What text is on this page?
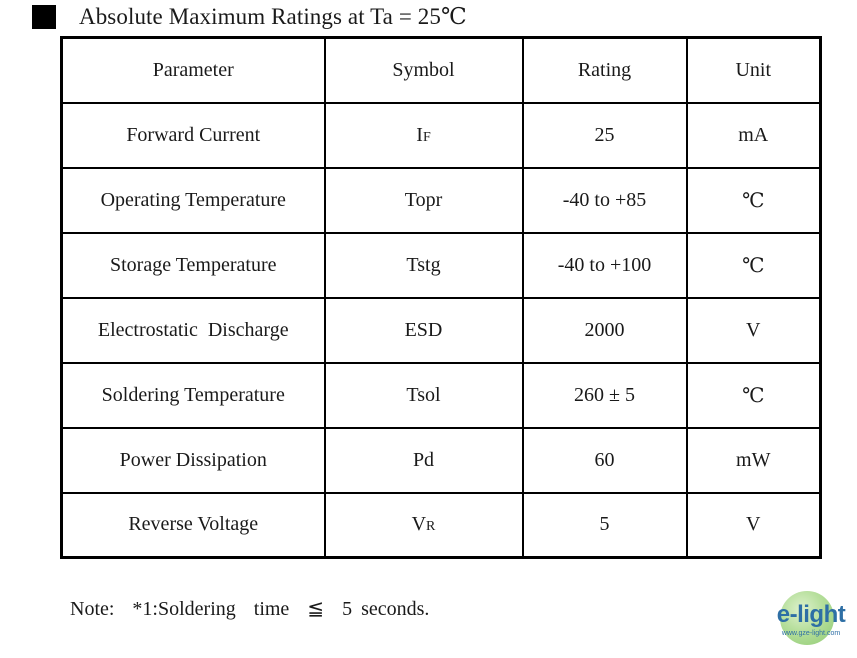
Absolute Maximum Ratings at Ta = 25℃
Parameter	Symbol	Rating	Unit
Forward Current	IF	25	mA
Operating Temperature	Topr	-40 to +85	℃
Storage Temperature	Tstg	-40 to +100	℃
Electrostatic  Discharge	ESD	2000	V
Soldering Temperature	Tsol	260 ± 5	℃
Power Dissipation	Pd	60	mW
Reverse Voltage	VR	5	V
Note:  *1:Soldering  time  ≦  5 seconds.	e-light
www.gze-light.com
